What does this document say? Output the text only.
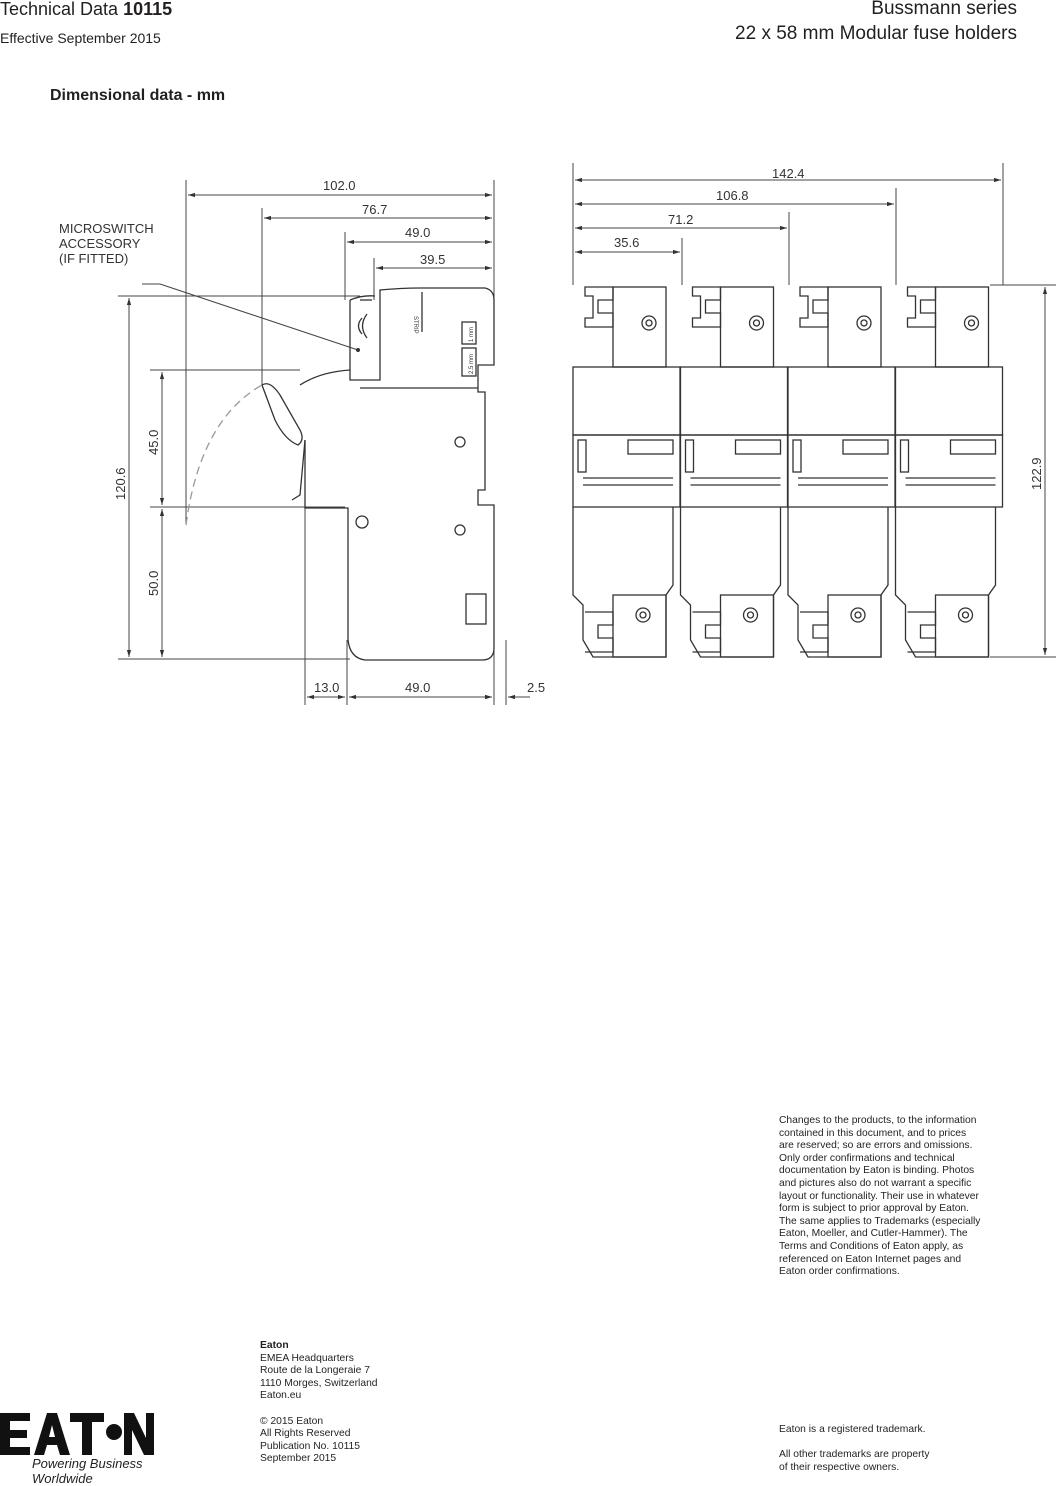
Technical Data 10115
Effective September 2015
Bussmann series
22 x 58 mm Modular fuse holders
Dimensional data - mm
MICROSWITCH
ACCESSORY
(IF FITTED)
102.0
76.7
49.0
39.5
13.0	49.0	2.5
120.6
45.0
50.0
142.4
106.8
71.2
35.6
122.9
STRIP
2.5 mm
1 mm
Changes to the products, to the information
contained in this document, and to prices
are reserved; so are errors and omissions.
Only order confirmations and technical
documentation by Eaton is binding. Photos
and pictures also do not warrant a specific
layout or functionality. Their use in whatever
form is subject to prior approval by Eaton.
The same applies to Trademarks (especially
Eaton, Moeller, and Cutler-Hammer). The
Terms and Conditions of Eaton apply, as
referenced on Eaton Internet pages and
Eaton order confirmations.
Eaton
EMEA Headquarters
Route de la Longeraie 7
1110 Morges, Switzerland
Eaton.eu
© 2015 Eaton
All Rights Reserved
Publication No. 10115
September 2015
Eaton is a registered trademark.
All other trademarks are property
of their respective owners.
Powering Business Worldwide
